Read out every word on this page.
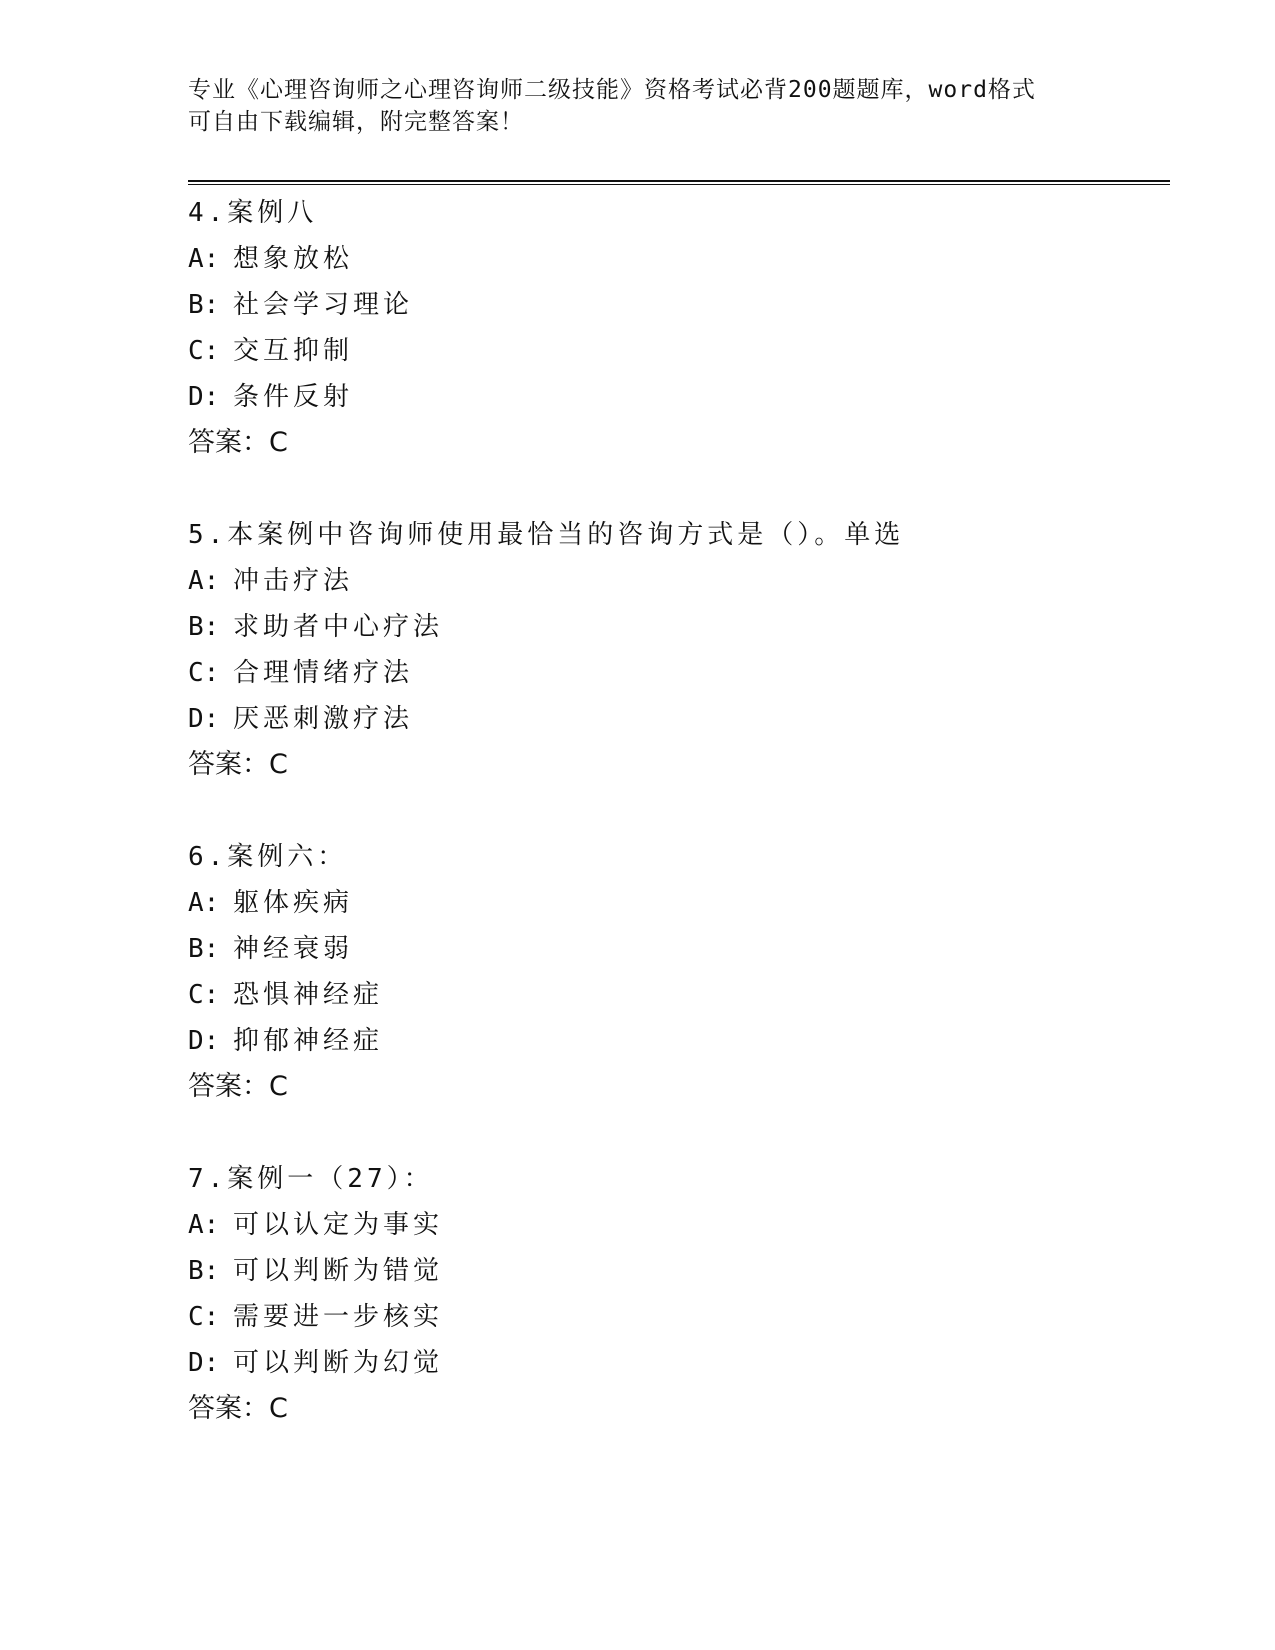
专业《心理咨询师之心理咨询师二级技能》资格考试必背200题题库，word格式
可自由下载编辑，附完整答案！
4.案例八
A: 想象放松
B: 社会学习理论
C: 交互抑制
D: 条件反射
答案：C
5.本案例中咨询师使用最恰当的咨询方式是（）。单选
A: 冲击疗法
B: 求助者中心疗法
C: 合理情绪疗法
D: 厌恶刺激疗法
答案：C
6.案例六：
A: 躯体疾病
B: 神经衰弱
C: 恐惧神经症
D: 抑郁神经症
答案：C
7.案例一（27）：
A: 可以认定为事实
B: 可以判断为错觉
C: 需要进一步核实
D: 可以判断为幻觉
答案：C
